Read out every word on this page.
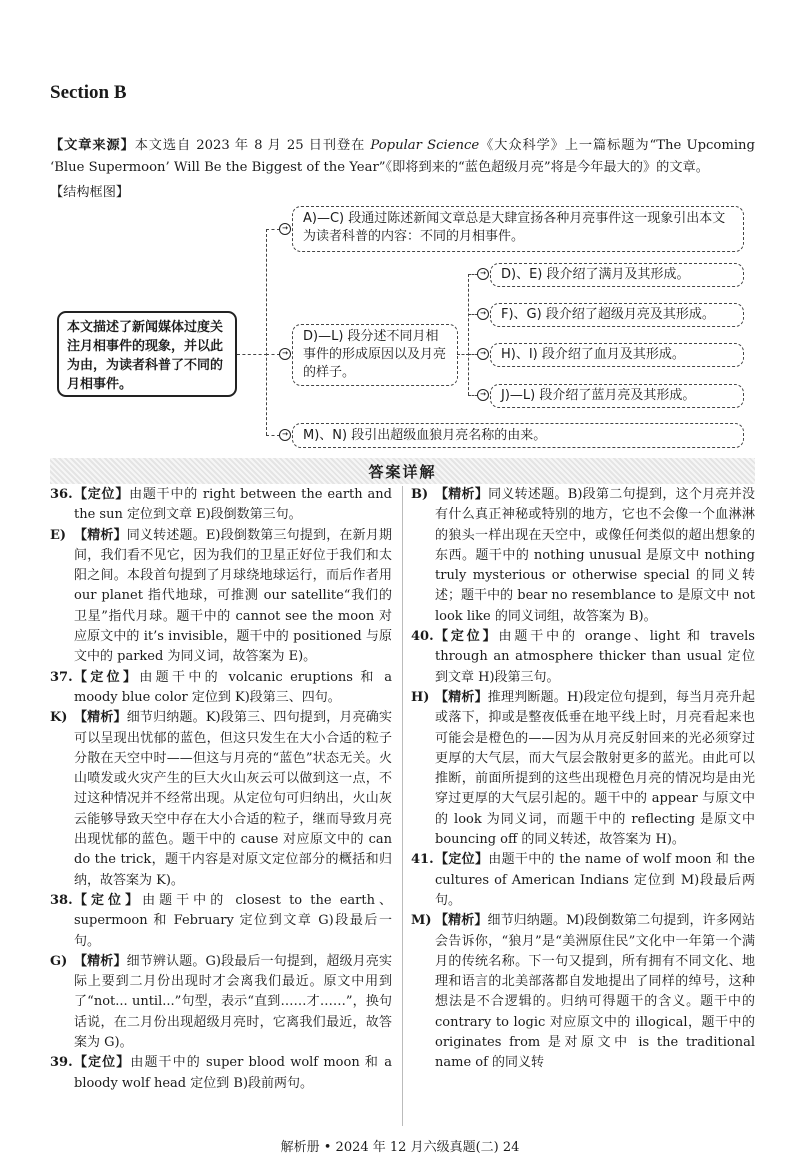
Section B
【文章来源】本文选自 2023 年 8 月 25 日刊登在 Popular Science《大众科学》上一篇标题为“The Upcoming ‘Blue Supermoon’ Will Be the Biggest of the Year”《即将到来的“蓝色超级月亮”将是今年最大的》的文章。
【结构框图】
本文描述了新闻媒体过度关注月相事件的现象，并以此为由，为读者科普了不同的月相事件。
A)—C) 段通过陈述新闻文章总是大肆宣扬各种月亮事件这一现象引出本文为读者科普的内容：不同的月相事件。
D)—L) 段分述不同月相事件的形成原因以及月亮的样子。
D)、E) 段介绍了满月及其形成。
F)、G) 段介绍了超级月亮及其形成。
H)、I) 段介绍了血月及其形成。
J)—L) 段介绍了蓝月亮及其形成。
M)、N) 段引出超级血狼月亮名称的由来。
→
→
→
→
→
→
→
答案详解
36. 【定位】由题干中的 right between the earth and the sun 定位到文章 E)段倒数第三句。
E) 【精析】同义转述题。E)段倒数第三句提到，在新月期间，我们看不见它，因为我们的卫星正好位于我们和太阳之间。本段首句提到了月球绕地球运行，而后作者用 our planet 指代地球，可推测 our satellite“我们的卫星”指代月球。题干中的 cannot see the moon 对应原文中的 it’s invisible，题干中的 positioned 与原文中的 parked 为同义词，故答案为 E)。
37. 【定位】由题干中的 volcanic eruptions 和 a moody blue color 定位到 K)段第三、四句。
K) 【精析】细节归纳题。K)段第三、四句提到，月亮确实可以呈现出忧郁的蓝色，但这只发生在大小合适的粒子分散在天空中时——但这与月亮的“蓝色”状态无关。火山喷发或火灾产生的巨大火山灰云可以做到这一点，不过这种情况并不经常出现。从定位句可归纳出，火山灰云能够导致天空中存在大小合适的粒子，继而导致月亮出现忧郁的蓝色。题干中的 cause 对应原文中的 can do the trick，题干内容是对原文定位部分的概括和归纳，故答案为 K)。
38. 【定位】由题干中的 closest to the earth、supermoon 和 February 定位到文章 G)段最后一句。
G) 【精析】细节辨认题。G)段最后一句提到，超级月亮实际上要到二月份出现时才会离我们最近。原文中用到了“not... until...”句型，表示“直到……才……”，换句话说，在二月份出现超级月亮时，它离我们最近，故答案为 G)。
39. 【定位】由题干中的 super blood wolf moon 和 a bloody wolf head 定位到 B)段前两句。
B) 【精析】同义转述题。B)段第二句提到，这个月亮并没有什么真正神秘或特别的地方，它也不会像一个血淋淋的狼头一样出现在天空中，或像任何类似的超出想象的东西。题干中的 nothing unusual 是原文中 nothing truly mysterious or otherwise special 的同义转述；题干中的 bear no resemblance to 是原文中 not look like 的同义词组，故答案为 B)。
40. 【定位】由题干中的 orange、light 和 travels through an atmosphere thicker than usual 定位到文章 H)段第三句。
H) 【精析】推理判断题。H)段定位句提到，每当月亮升起或落下，抑或是整夜低垂在地平线上时，月亮看起来也可能会是橙色的——因为从月亮反射回来的光必须穿过更厚的大气层，而大气层会散射更多的蓝光。由此可以推断，前面所提到的这些出现橙色月亮的情况均是由光穿过更厚的大气层引起的。题干中的 appear 与原文中的 look 为同义词，而题干中的 reflecting 是原文中 bouncing off 的同义转述，故答案为 H)。
41. 【定位】由题干中的 the name of wolf moon 和 the cultures of American Indians 定位到 M)段最后两句。
M) 【精析】细节归纳题。M)段倒数第二句提到，许多网站会告诉你，“狼月”是“美洲原住民”文化中一年第一个满月的传统名称。下一句又提到，所有拥有不同文化、地理和语言的北美部落都自发地提出了同样的绰号，这种想法是不合逻辑的。归纳可得题干的含义。题干中的 contrary to logic 对应原文中的 illogical，题干中的 originates from 是对原文中 is the traditional name of 的同义转
解析册 • 2024 年 12 月六级真题(二) 24
